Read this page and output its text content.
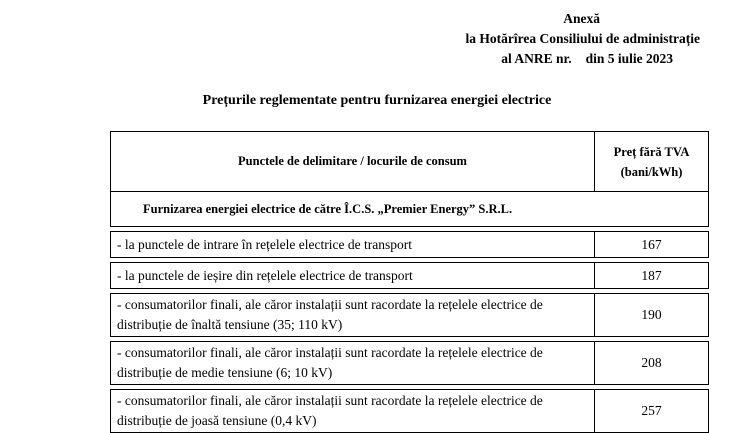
Anexă
la Hotărîrea Consiliului de administrație
al ANRE nr. din 5 iulie 2023
Prețurile reglementate pentru furnizarea energiei electrice
Punctele de delimitare / locurile de consum	Preț fără TVA
(bani/kWh)

Furnizarea energiei electrice de către Î.C.S. „Premier Energy” S.R.L.	

- la punctele de intrare în rețelele electrice de transport	167

- la punctele de ieșire din rețelele electrice de transport	187

- consumatorilor finali, ale căror instalații sunt racordate la rețelele electrice de distribuție de înaltă tensiune (35; 110 kV)	190

- consumatorilor finali, ale căror instalații sunt racordate la rețelele electrice de distribuție de medie tensiune (6; 10 kV)	208

- consumatorilor finali, ale căror instalații sunt racordate la rețelele electrice de distribuție de joasă tensiune (0,4 kV)	257
